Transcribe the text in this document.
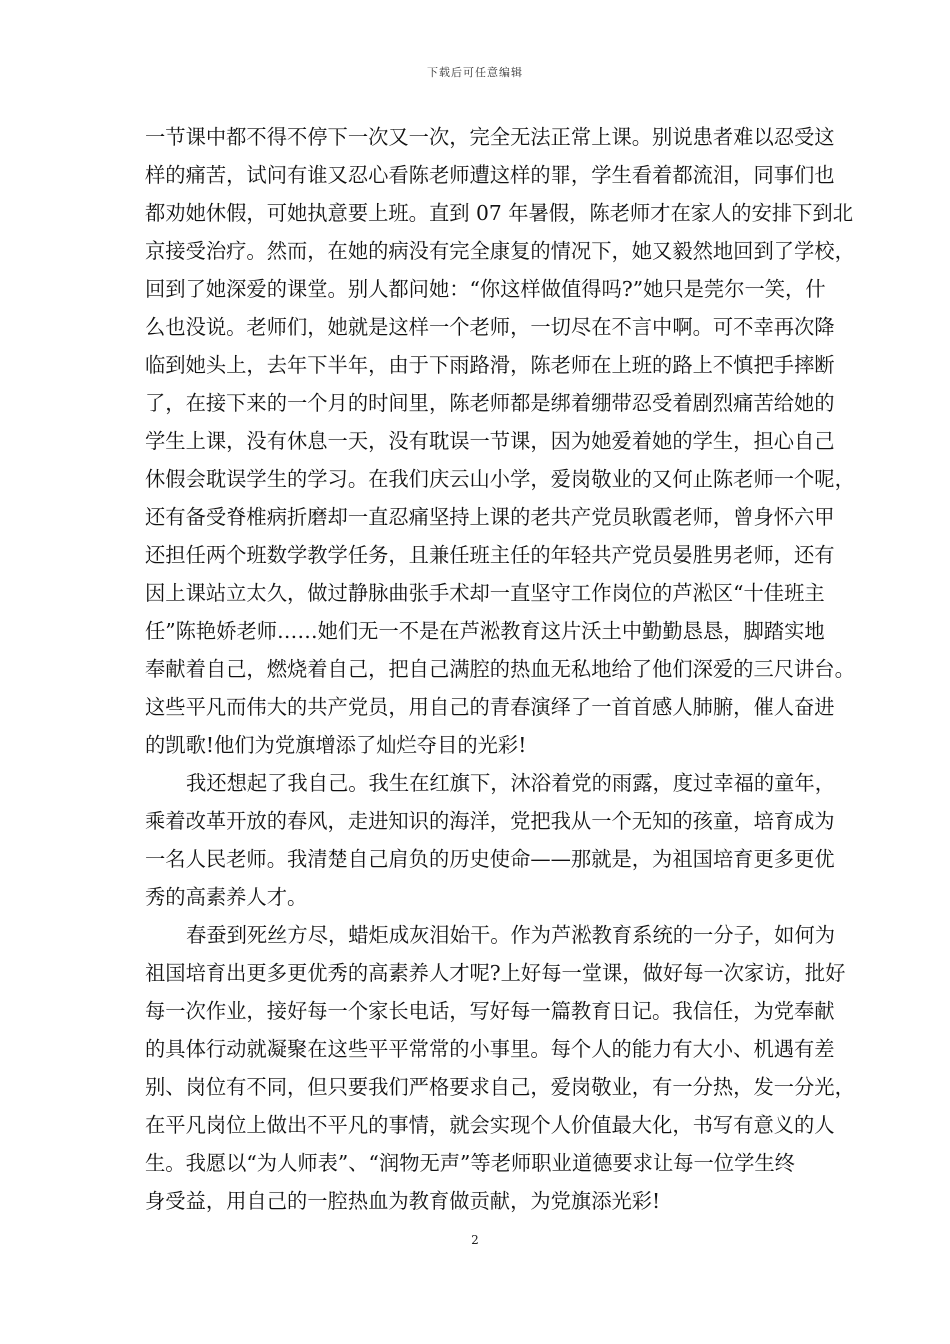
下载后可任意编辑
一节课中都不得不停下一次又一次，完全无法正常上课。别说患者难以忍受这
样的痛苦，试问有谁又忍心看陈老师遭这样的罪，学生看着都流泪，同事们也
都劝她休假，可她执意要上班。直到 07 年暑假，陈老师才在家人的安排下到北
京接受治疗。然而，在她的病没有完全康复的情况下，她又毅然地回到了学校，
回到了她深爱的课堂。别人都问她：“你这样做值得吗?”她只是莞尔一笑，什
么也没说。老师们，她就是这样一个老师，一切尽在不言中啊。可不幸再次降
临到她头上，去年下半年，由于下雨路滑，陈老师在上班的路上不慎把手摔断
了，在接下来的一个月的时间里，陈老师都是绑着绷带忍受着剧烈痛苦给她的
学生上课，没有休息一天，没有耽误一节课，因为她爱着她的学生，担心自己
休假会耽误学生的学习。在我们庆云山小学，爱岗敬业的又何止陈老师一个呢，
还有备受脊椎病折磨却一直忍痛坚持上课的老共产党员耿霞老师，曾身怀六甲
还担任两个班数学教学任务，且兼任班主任的年轻共产党员晏胜男老师，还有
因上课站立太久，做过静脉曲张手术却一直坚守工作岗位的芦淞区“十佳班主
任”陈艳娇老师……她们无一不是在芦淞教育这片沃土中勤勤恳恳，脚踏实地
奉献着自己，燃烧着自己，把自己满腔的热血无私地给了他们深爱的三尺讲台。
这些平凡而伟大的共产党员，用自己的青春演绎了一首首感人肺腑，催人奋进
的凯歌!他们为党旗增添了灿烂夺目的光彩!
我还想起了我自己。我生在红旗下，沐浴着党的雨露，度过幸福的童年，
乘着改革开放的春风，走进知识的海洋，党把我从一个无知的孩童，培育成为
一名人民老师。我清楚自己肩负的历史使命——那就是，为祖国培育更多更优
秀的高素养人才。
春蚕到死丝方尽，蜡炬成灰泪始干。作为芦淞教育系统的一分子，如何为
祖国培育出更多更优秀的高素养人才呢?上好每一堂课，做好每一次家访，批好
每一次作业，接好每一个家长电话，写好每一篇教育日记。我信任，为党奉献
的具体行动就凝聚在这些平平常常的小事里。每个人的能力有大小、机遇有差
别、岗位有不同，但只要我们严格要求自己，爱岗敬业，有一分热，发一分光，
在平凡岗位上做出不平凡的事情，就会实现个人价值最大化，书写有意义的人
生。我愿以“为人师表”、“润物无声”等老师职业道德要求让每一位学生终
身受益，用自己的一腔热血为教育做贡献，为党旗添光彩!
2
